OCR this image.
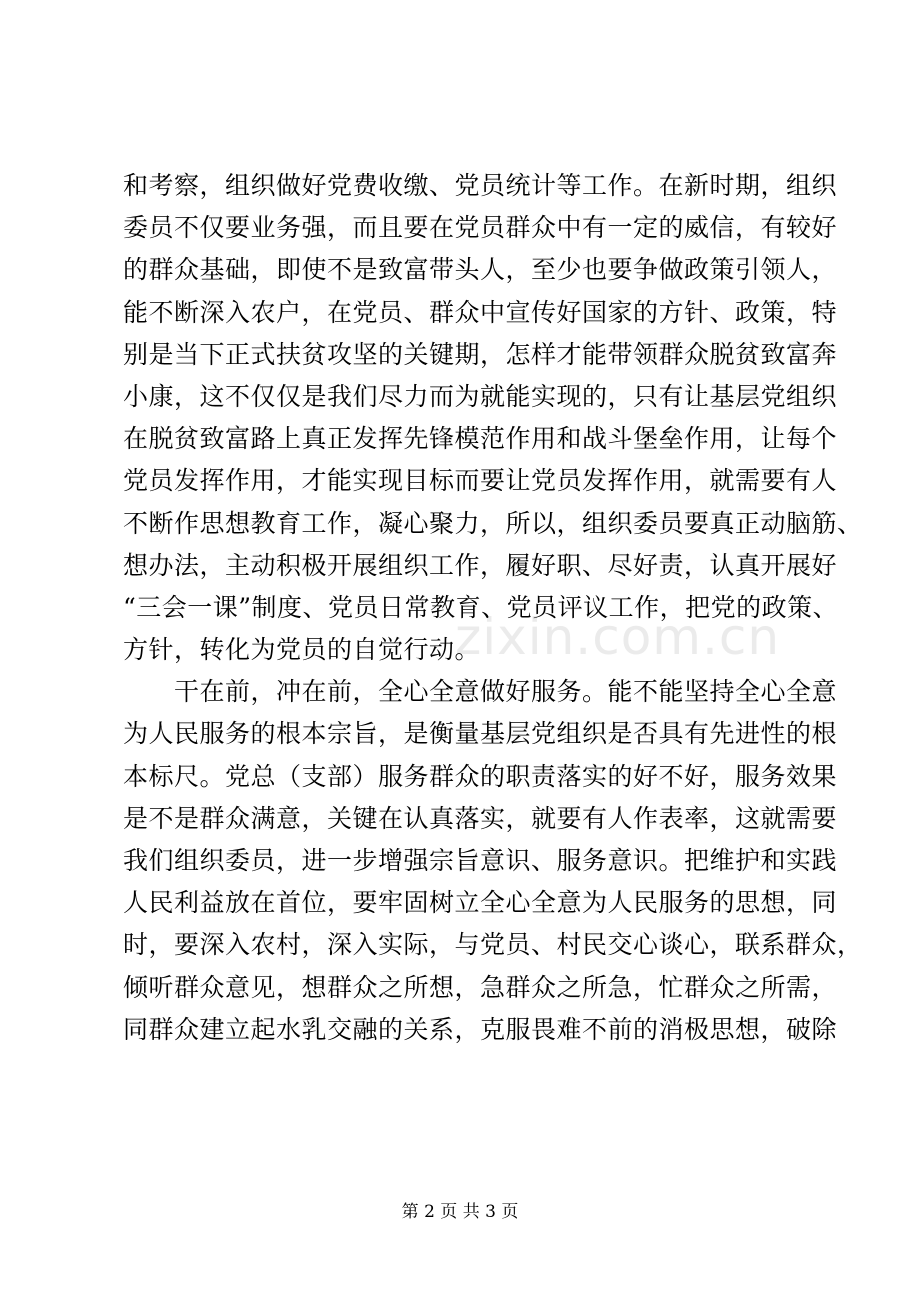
zixin.com.cn
和考察，组织做好党费收缴、党员统计等工作。在新时期，组织
委员不仅要业务强，而且要在党员群众中有一定的威信，有较好
的群众基础，即使不是致富带头人，至少也要争做政策引领人，
能不断深入农户，在党员、群众中宣传好国家的方针、政策，特
别是当下正式扶贫攻坚的关键期，怎样才能带领群众脱贫致富奔
小康，这不仅仅是我们尽力而为就能实现的，只有让基层党组织
在脱贫致富路上真正发挥先锋模范作用和战斗堡垒作用，让每个
党员发挥作用，才能实现目标而要让党员发挥作用，就需要有人
不断作思想教育工作，凝心聚力，所以，组织委员要真正动脑筋、
想办法，主动积极开展组织工作，履好职、尽好责，认真开展好
“三会一课”制度、党员日常教育、党员评议工作，把党的政策、
方针，转化为党员的自觉行动。
　　干在前，冲在前，全心全意做好服务。能不能坚持全心全意
为人民服务的根本宗旨，是衡量基层党组织是否具有先进性的根
本标尺。党总（支部）服务群众的职责落实的好不好，服务效果
是不是群众满意，关键在认真落实，就要有人作表率，这就需要
我们组织委员，进一步增强宗旨意识、服务意识。把维护和实践
人民利益放在首位，要牢固树立全心全意为人民服务的思想，同
时，要深入农村，深入实际，与党员、村民交心谈心，联系群众，
倾听群众意见，想群众之所想，急群众之所急，忙群众之所需，
同群众建立起水乳交融的关系，克服畏难不前的消极思想，破除
第 2 页 共 3 页
